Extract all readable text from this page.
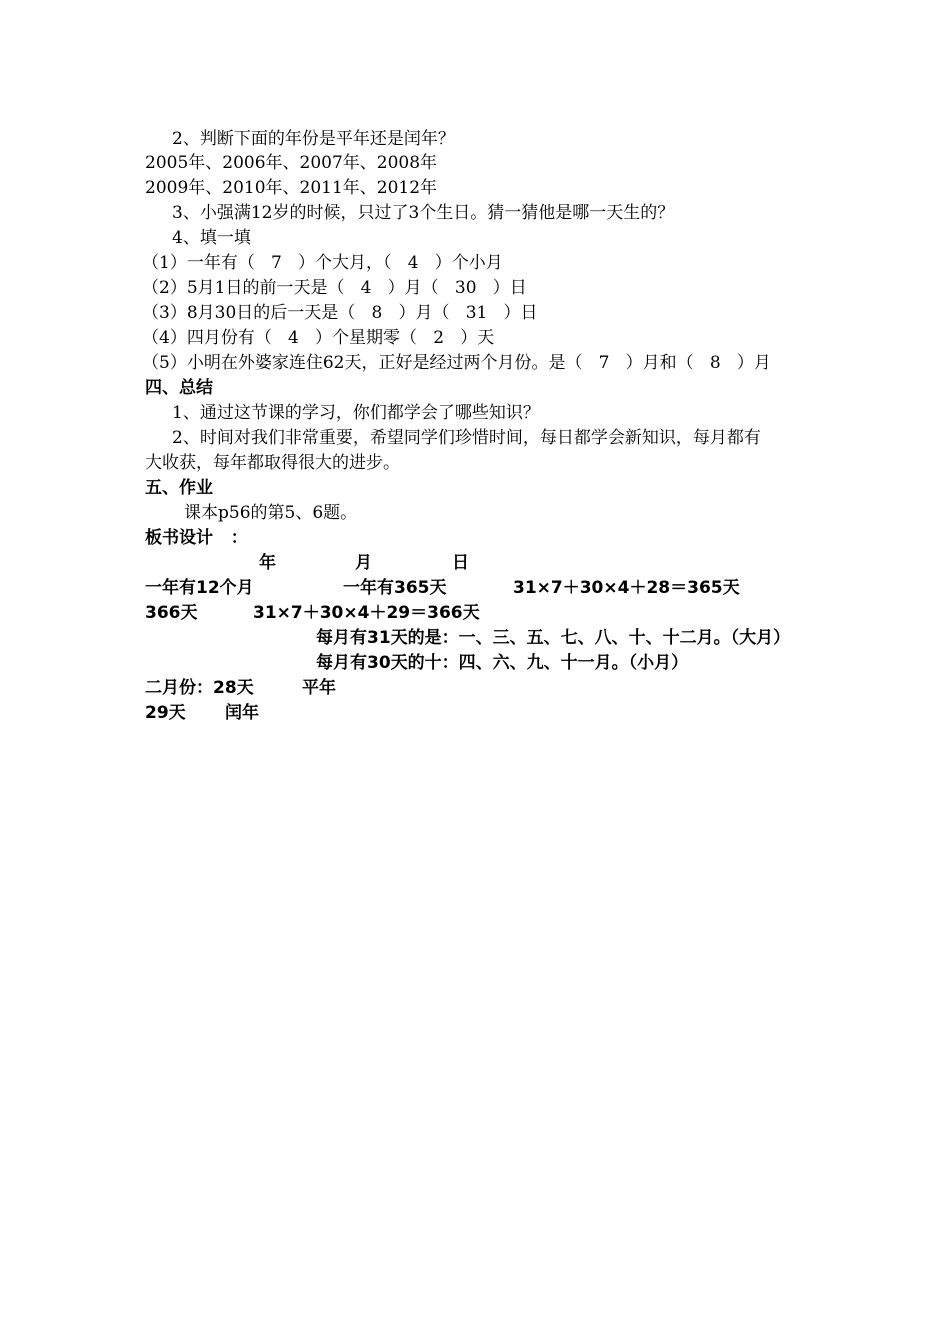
2、判断下面的年份是平年还是闰年？

2005年、2006年、2007年、2008年

2009年、2010年、2011年、2012年

3、小强满12岁的时候，只过了3个生日。猜一猜他是哪一天生的？

4、填一填

（1）一年有（   7   ）个大月，（   4   ）个小月

（2）5月1日的前一天是（   4   ）月（   30   ）日

（3）8月30日的后一天是（   8   ）月（   31   ）日

（4）四月份有（   4   ）个星期零（   2   ）天

（5）小明在外婆家连住62天，正好是经过两个月份。是（   7   ）月和（   8   ）月

四、总结

1、通过这节课的学习，你们都学会了哪些知识？

2、时间对我们非常重要，希望同学们珍惜时间，每日都学会新知识，每月都有

大收获，每年都取得很大的进步。

五、作业

课本p56的第5、6题。

板书设计   ：

年	月	日

一年有12个月	一年有365天	31×7＋30×4＋28＝365天

366天	31×7＋30×4＋29＝366天

每月有31天的是：一、三、五、七、八、十、十二月。（大月）

每月有30天的十：四、六、九、十一月。（小月）

二月份：28天	平年

29天 闰年
